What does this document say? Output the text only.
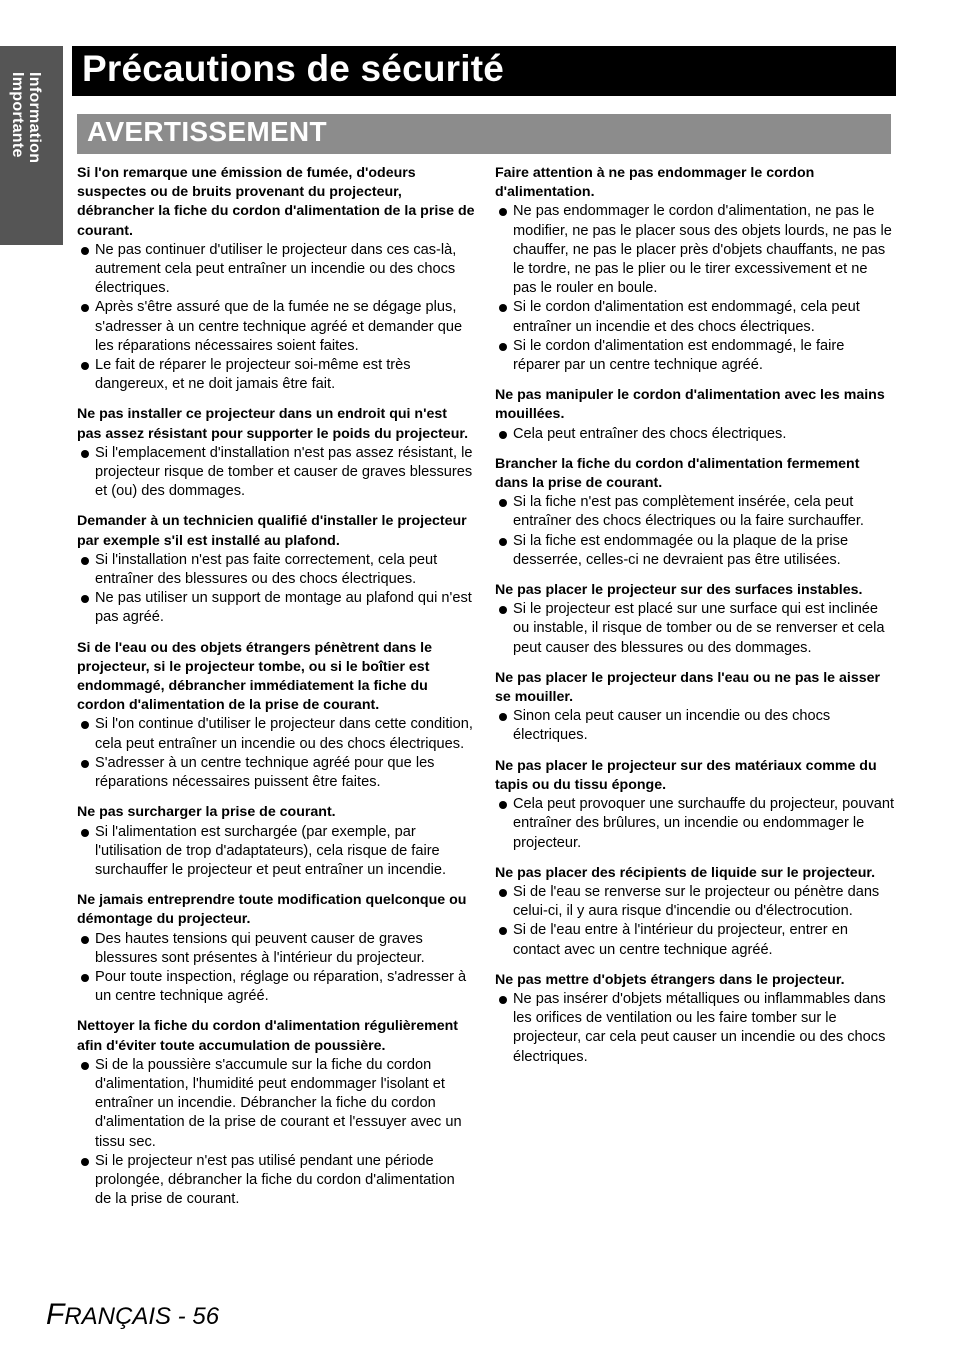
Information
Importante
Précautions de sécurité
AVERTISSEMENT
Si l'on remarque une émission de fumée, d'odeurs suspectes ou de bruits provenant du projecteur, débrancher la fiche du cordon d'alimentation de la prise de courant.
Ne pas continuer d'utiliser le projecteur dans ces cas-là, autrement cela peut entraîner un incendie ou des chocs électriques.
Après s'être assuré que de la fumée ne se dégage plus, s'adresser à un centre technique agréé et demander que les réparations nécessaires soient faites.
Le fait de réparer le projecteur soi-même est très dangereux, et ne doit jamais être fait.
Ne pas installer ce projecteur dans un endroit qui n'est pas assez résistant pour supporter le poids du projecteur.
Si l'emplacement d'installation n'est pas assez résistant, le projecteur risque de tomber et causer de graves blessures et (ou) des dommages.
Demander à un technicien qualifié d'installer le projecteur par exemple s'il est installé au plafond.
Si l'installation n'est pas faite correctement, cela peut entraîner des blessures ou des chocs électriques.
Ne pas utiliser un support de montage au plafond qui n'est pas agréé.
Si de l'eau ou des objets étrangers pénètrent dans le projecteur, si le projecteur tombe, ou si le boîtier est endommagé, débrancher immédiatement la fiche du cordon d'alimentation de la prise de courant.
Si l'on continue d'utiliser le projecteur dans cette condition, cela peut entraîner un incendie ou des chocs électriques.
S'adresser à un centre technique agréé pour que les réparations nécessaires puissent être faites.
Ne pas surcharger la prise de courant.
Si l'alimentation est surchargée (par exemple, par l'utilisation de trop d'adaptateurs), cela risque de faire surchauffer le projecteur et peut entraîner un incendie.
Ne jamais entreprendre toute modification quelconque ou démontage du projecteur.
Des hautes tensions qui peuvent causer de graves blessures sont présentes à l'intérieur du projecteur.
Pour toute inspection, réglage ou réparation, s'adresser à un centre technique agréé.
Nettoyer la fiche du cordon d'alimentation régulièrement afin d'éviter toute accumulation de poussière.
Si de la poussière s'accumule sur la fiche du cordon d'alimentation, l'humidité peut endommager l'isolant et entraîner un incendie. Débrancher la fiche du cordon d'alimentation de la prise de courant et l'essuyer avec un tissu sec.
Si le projecteur n'est pas utilisé pendant une période prolongée, débrancher la fiche du cordon d'alimentation de la prise de courant.
Faire attention à ne pas endommager le cordon d'alimentation.
Ne pas endommager le cordon d'alimentation, ne pas le modifier, ne pas le placer sous des objets lourds, ne pas le chauffer, ne pas le placer près d'objets chauffants, ne pas le tordre, ne pas le plier ou le tirer excessivement et ne pas le rouler en boule.
Si le cordon d'alimentation est endommagé, cela peut entraîner un incendie et des chocs électriques.
Si le cordon d'alimentation est endommagé, le faire réparer par un centre technique agréé.
Ne pas manipuler le cordon d'alimentation avec les mains mouillées.
Cela peut entraîner des chocs électriques.
Brancher la fiche du cordon d'alimentation fermement dans la prise de courant.
Si la fiche n'est pas complètement insérée, cela peut entraîner des chocs électriques ou la faire surchauffer.
Si la fiche est endommagée ou la plaque de la prise desserrée, celles-ci ne devraient pas être utilisées.
Ne pas placer le projecteur sur des surfaces instables.
Si le projecteur est placé sur une surface qui est inclinée ou instable, il risque de tomber ou de se renverser et cela peut causer des blessures ou des dommages.
Ne pas placer le projecteur dans l'eau ou ne pas le aisser se mouiller.
Sinon cela peut causer un incendie ou des chocs électriques.
Ne pas placer le projecteur sur des matériaux comme du tapis ou du tissu éponge.
Cela peut provoquer une surchauffe du projecteur, pouvant entraîner des brûlures, un incendie ou endommager le projecteur.
Ne pas placer des récipients de liquide sur le projecteur.
Si de l'eau se renverse sur le projecteur ou pénètre dans celui-ci, il y aura risque d'incendie ou d'électrocution.
Si de l'eau entre à l'intérieur du projecteur, entrer en contact avec un centre technique agréé.
Ne pas mettre d'objets étrangers dans le projecteur.
Ne pas insérer d'objets métalliques ou inflammables dans les orifices de ventilation ou les faire tomber sur le projecteur, car cela peut causer un incendie ou des chocs électriques.
FRANÇAIS - 56
